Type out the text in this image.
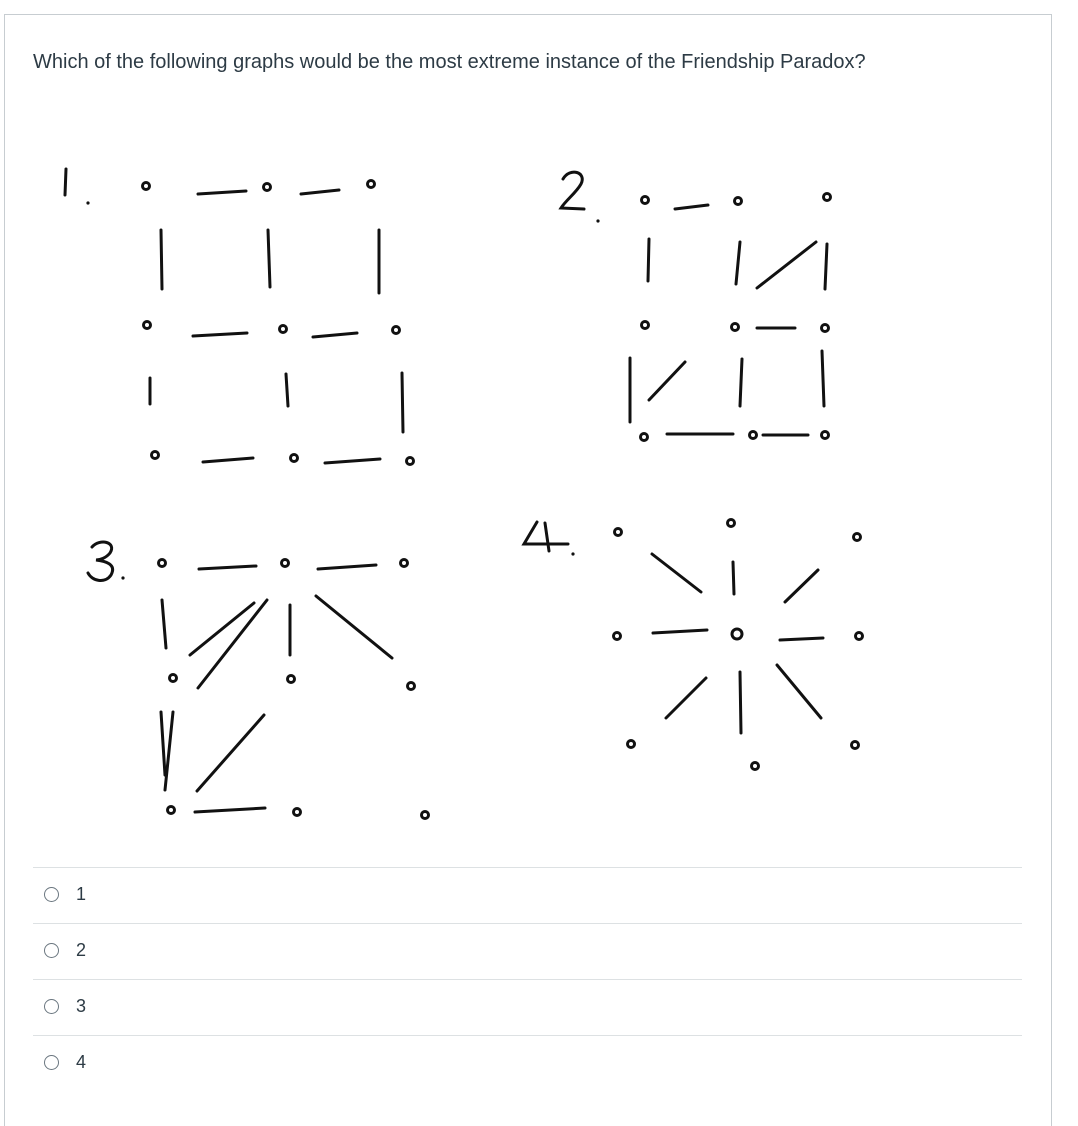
Which of the following graphs would be the most extreme instance of the Friendship Paradox?

1
2
3
4
